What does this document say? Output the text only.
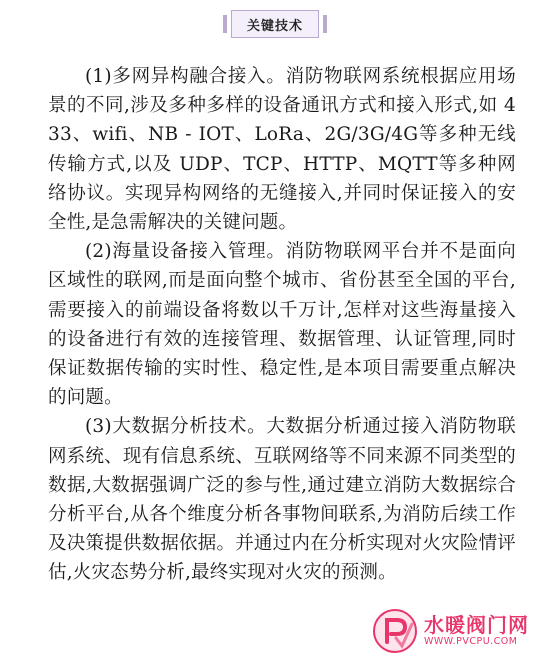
关键技术

(1)多网异构融合接入。消防物联网系统根据应用场景的不同,涉及多种多样的设备通讯方式和接入形式,如 433、wifi、NB - IOT、LoRa、2G/3G/4G等多种无线传输方式,以及 UDP、TCP、HTTP、MQTT等多种网络协议。实现异构网络的无缝接入,并同时保证接入的安全性,是急需解决的关键问题。

(2)海量设备接入管理。消防物联网平台并不是面向区域性的联网,而是面向整个城市、省份甚至全国的平台,需要接入的前端设备将数以千万计,怎样对这些海量接入的设备进行有效的连接管理、数据管理、认证管理,同时保证数据传输的实时性、稳定性,是本项目需要重点解决的问题。

(3)大数据分析技术。大数据分析通过接入消防物联网系统、现有信息系统、互联网络等不同来源不同类型的数据,大数据强调广泛的参与性,通过建立消防大数据综合分析平台,从各个维度分析各事物间联系,为消防后续工作及决策提供数据依据。并通过内在分析实现对火灾险情评估,火灾态势分析,最终实现对火灾的预测。

水暖阀门网
WWW.PVCPU.COM
